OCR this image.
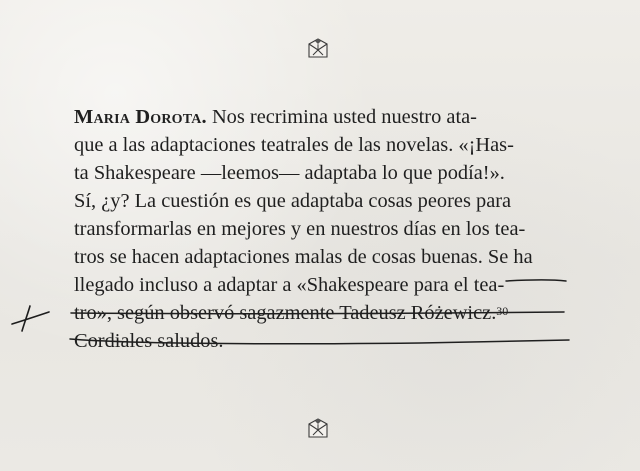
Maria Dorota. Nos recrimina usted nuestro ata-
que a las adaptaciones teatrales de las novelas. «¡Has-
ta Shakespeare —leemos— adaptaba lo que podía!».
Sí, ¿y? La cuestión es que adaptaba cosas peores para
transformarlas en mejores y en nuestros días en los tea-
tros se hacen adaptaciones malas de cosas buenas. Se ha
llegado incluso a adaptar a «Shakespeare para el tea-
tro», según observó sagazmente Tadeusz Różewicz.$^{30}$
Cordiales saludos.
